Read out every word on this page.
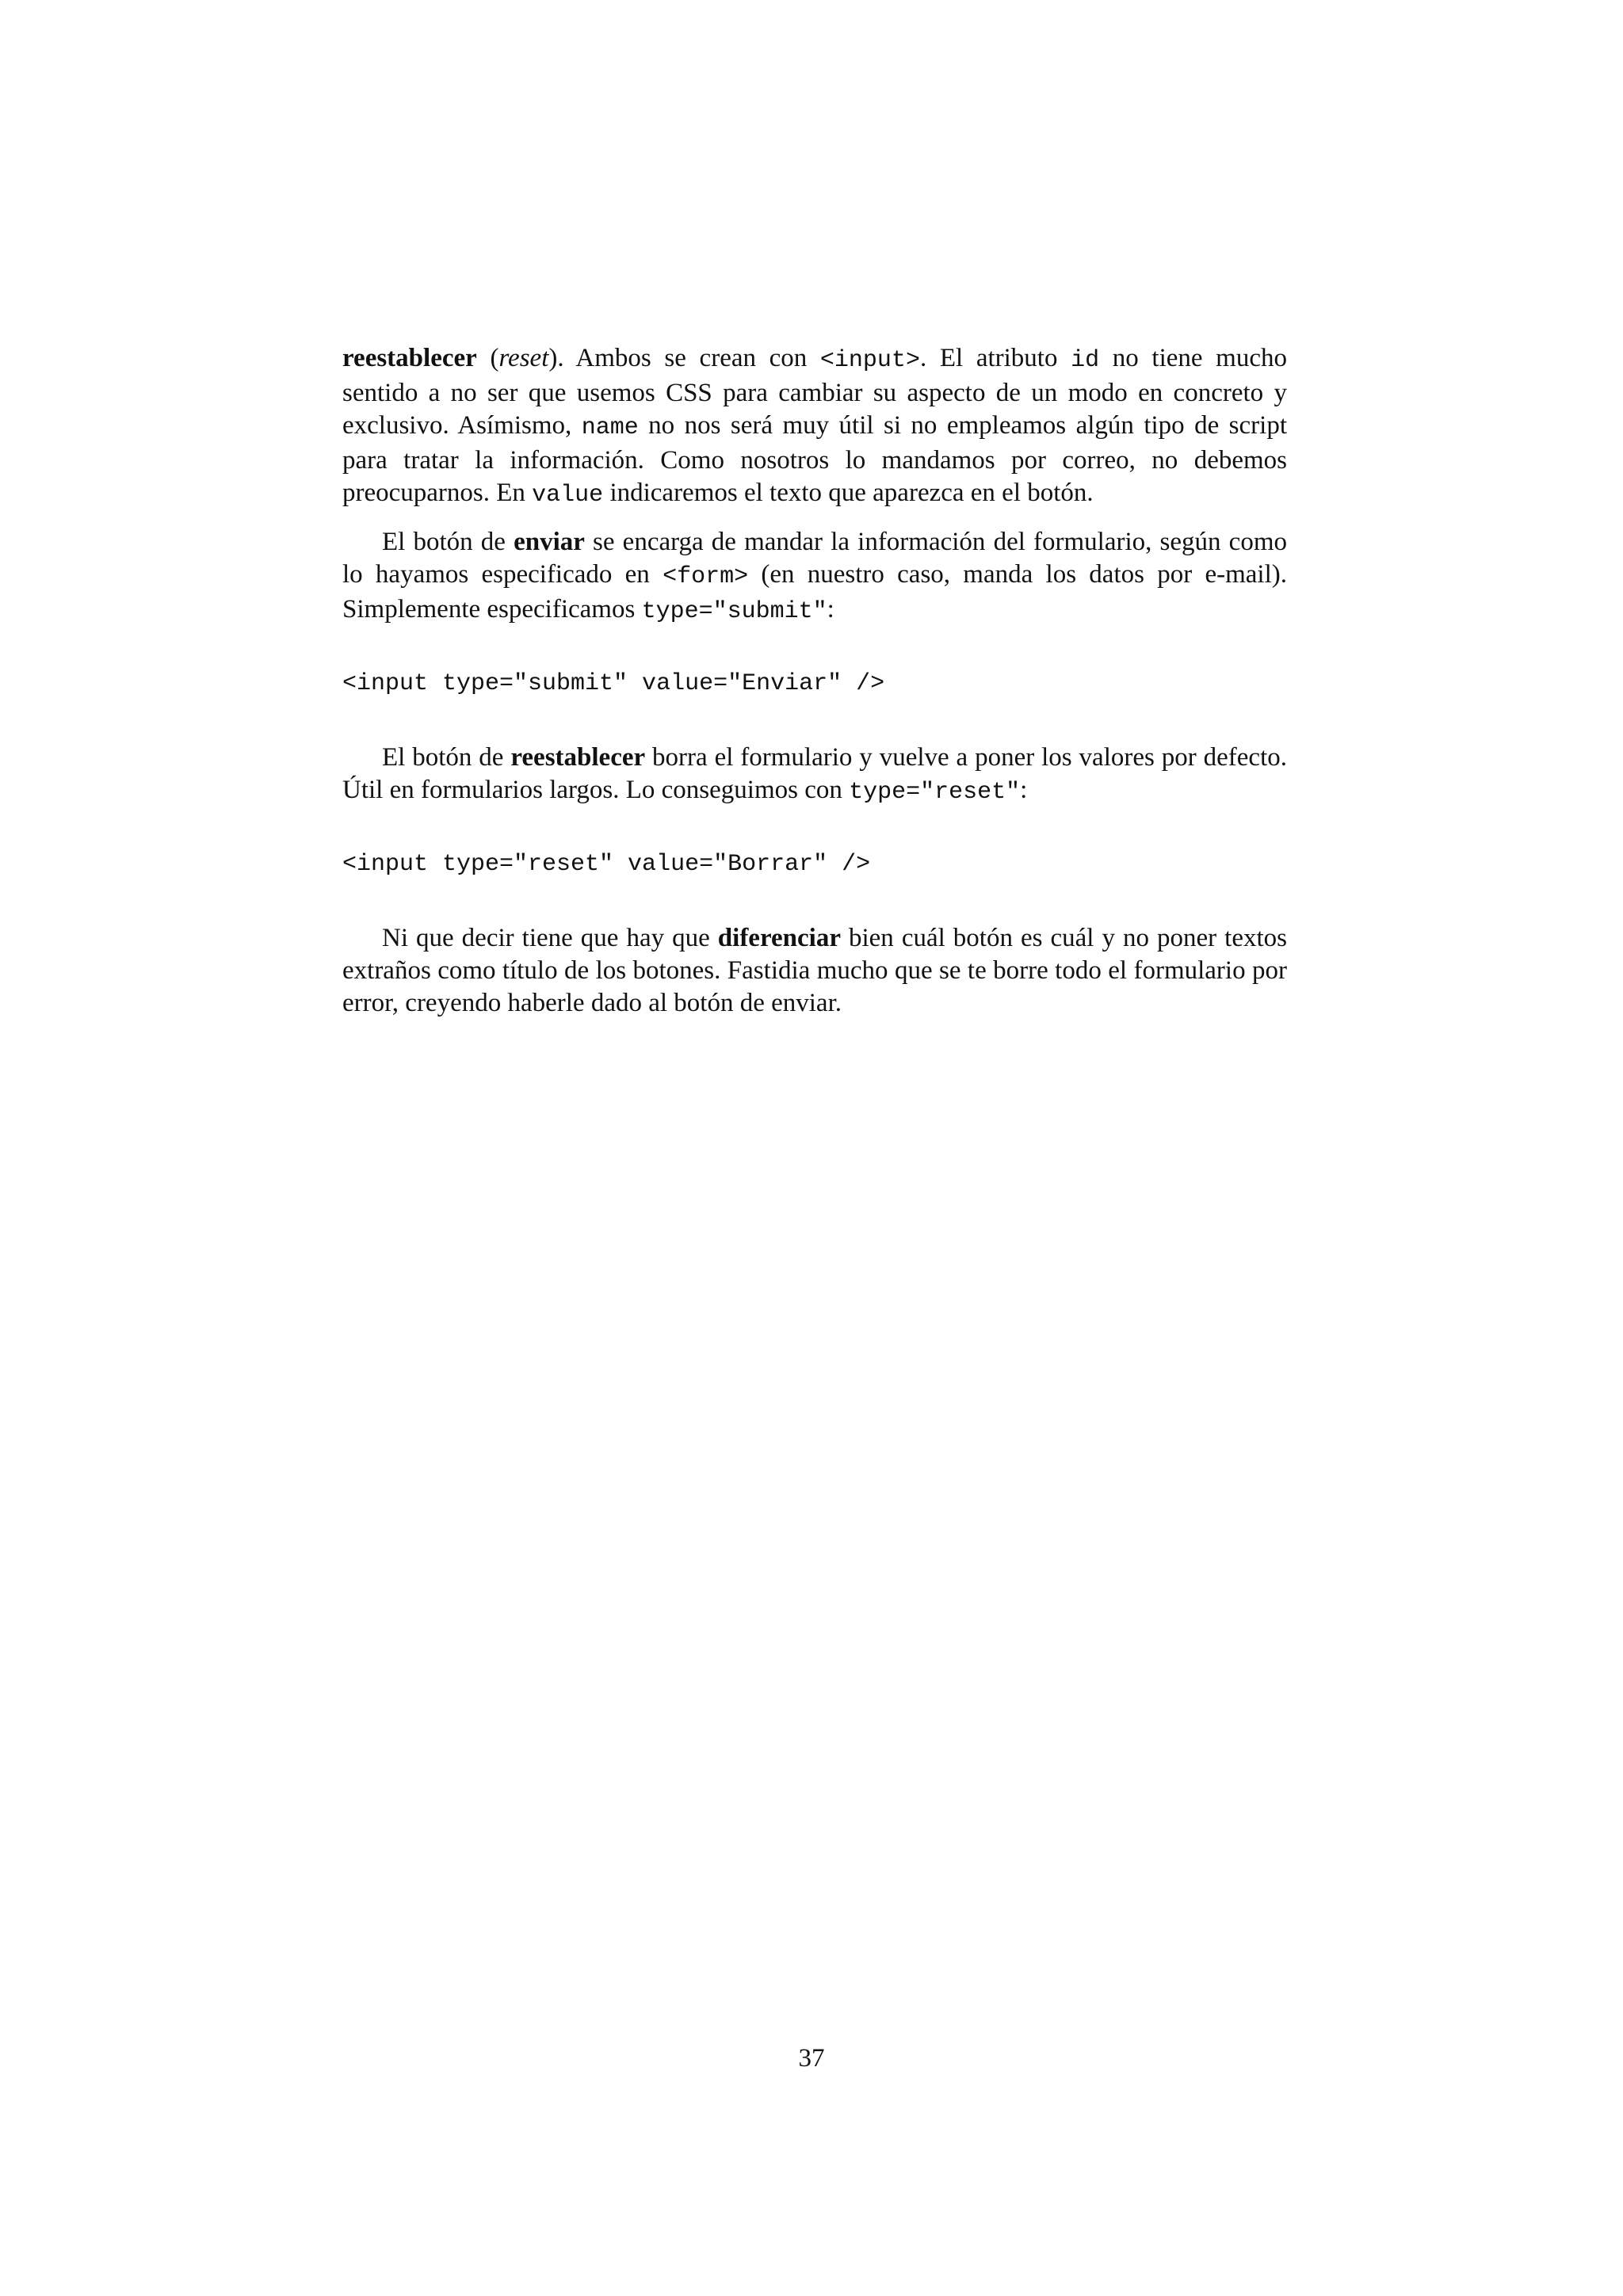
reestablecer (reset). Ambos se crean con <input>. El atributo id no tiene mucho sentido a no ser que usemos CSS para cambiar su aspecto de un modo en concreto y exclusivo. Asímismo, name no nos será muy útil si no empleamos algún tipo de script para tratar la información. Como nosotros lo mandamos por correo, no debemos preocuparnos. En value indicaremos el texto que aparezca en el botón.

El botón de enviar se encarga de mandar la información del formulario, según como lo hayamos especificado en <form> (en nuestro caso, manda los datos por e-mail). Simplemente especificamos type="submit":

<input type="submit" value="Enviar" />

El botón de reestablecer borra el formulario y vuelve a poner los valores por defecto. Útil en formularios largos. Lo conseguimos con type="reset":

<input type="reset" value="Borrar" />

Ni que decir tiene que hay que diferenciar bien cuál botón es cuál y no poner textos extraños como título de los botones. Fastidia mucho que se te borre todo el formulario por error, creyendo haberle dado al botón de enviar.

37
